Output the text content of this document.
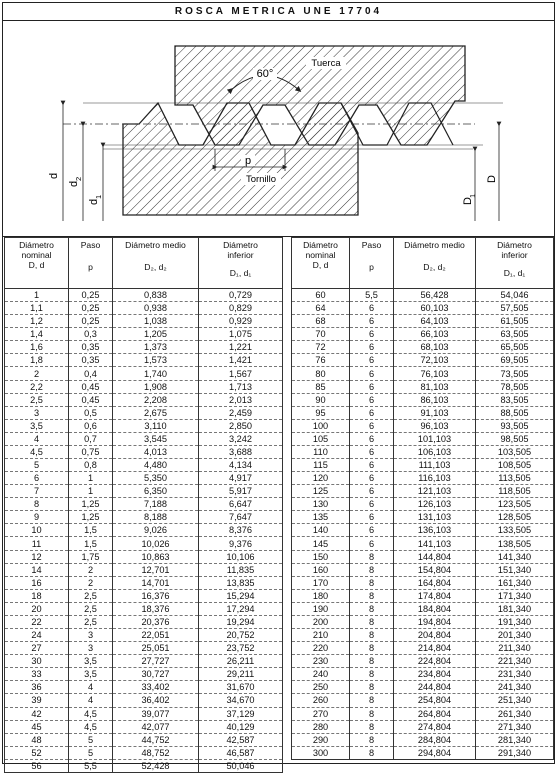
ROSCA METRICA UNE 17704
60°
Tuerca
Tornillo
p
d
d
2
d
1
D
1
D
Diámetro
nominal
D, d	Paso
p	Diámetro medio
D₂, d₂	Diámetro
inferior
D₁, d₁

1	0,25	0,838	0,729
1,1	0,25	0,938	0,829
1,2	0,25	1,038	0,929
1,4	0,3	1,205	1,075
1,6	0,35	1,373	1,221
1,8	0,35	1,573	1,421
2	0,4	1,740	1,567
2,2	0,45	1,908	1,713
2,5	0,45	2,208	2,013
3	0,5	2,675	2,459
3,5	0,6	3,110	2,850
4	0,7	3,545	3,242
4,5	0,75	4,013	3,688
5	0,8	4,480	4,134
6	1	5,350	4,917
7	1	6,350	5,917
8	1,25	7,188	6,647
9	1,25	8,188	7,647
10	1,5	9,026	8,376
11	1,5	10,026	9,376
12	1,75	10,863	10,106
14	2	12,701	11,835
16	2	14,701	13,835
18	2,5	16,376	15,294
20	2,5	18,376	17,294
22	2,5	20,376	19,294
24	3	22,051	20,752
27	3	25,051	23,752
30	3,5	27,727	26,211
33	3,5	30,727	29,211
36	4	33,402	31,670
39	4	36,402	34,670
42	4,5	39,077	37,129
45	4,5	42,077	40,129
48	5	44,752	42,587
52	5	48,752	46,587
56	5,5	52,428	50,046
Diámetro
nominal
D, d	Paso
p	Diámetro medio
D₂, d₂	Diámetro
inferior
D₁, d₁

60	5,5	56,428	54,046
64	6	60,103	57,505
68	6	64,103	61,505
70	6	66,103	63,505
72	6	68,103	65,505
76	6	72,103	69,505
80	6	76,103	73,505
85	6	81,103	78,505
90	6	86,103	83,505
95	6	91,103	88,505
100	6	96,103	93,505
105	6	101,103	98,505
110	6	106,103	103,505
115	6	111,103	108,505
120	6	116,103	113,505
125	6	121,103	118,505
130	6	126,103	123,505
135	6	131,103	128,505
140	6	136,103	133,505
145	6	141,103	138,505
150	8	144,804	141,340
160	8	154,804	151,340
170	8	164,804	161,340
180	8	174,804	171,340
190	8	184,804	181,340
200	8	194,804	191,340
210	8	204,804	201,340
220	8	214,804	211,340
230	8	224,804	221,340
240	8	234,804	231,340
250	8	244,804	241,340
260	8	254,804	251,340
270	8	264,804	261,340
280	8	274,804	271,340
290	8	284,804	281,340
300	8	294,804	291,340
